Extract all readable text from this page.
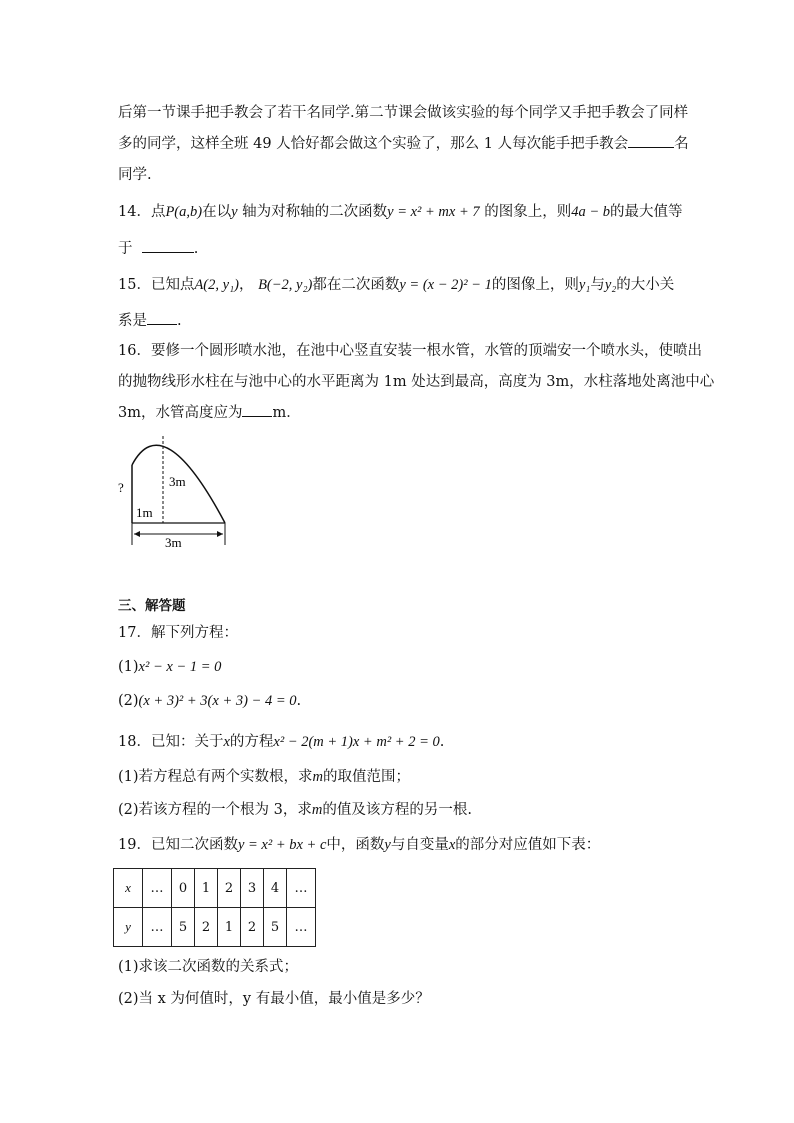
后第一节课手把手教会了若干名同学.第二节课会做该实验的每个同学又手把手教会了同样
多的同学，这样全班 49 人恰好都会做这个实验了，那么 1 人每次能手把手教会	名
同学.
14．点P(a,b)在以y 轴为对称轴的二次函数y = x² + mx + 7 的图象上，则4a − b的最大值等
于	.
15．已知点A(2, y₁)， B(−2, y₂)都在二次函数y = (x − 2)² − 1的图像上，则y₁与y₂的大小关
系是 .
16．要修一个圆形喷水池，在池中心竖直安装一根水管，水管的顶端安一个喷水头，使喷出
的抛物线形水柱在与池中心的水平距离为 1m 处达到最高，高度为 3m，水柱落地处离池中心
3m，水管高度应为 m．
?	3m
1m
3m
三、解答题
17．解下列方程：
(1)x² − x − 1 = 0
(2)(x + 3)² + 3(x + 3) − 4 = 0.
18．已知：关于x的方程x² − 2(m + 1)x + m² + 2 = 0.
(1)若方程总有两个实数根，求m的取值范围；
(2)若该方程的一个根为 3，求m的值及该方程的另一根.
19．已知二次函数y = x² + bx + c中，函数y与自变量x的部分对应值如下表：
x	…	0	1	2	3	4	…
y	…	5	2	1	2	5	…
(1)求该二次函数的关系式；
(2)当 x 为何值时，y 有最小值，最小值是多少？
